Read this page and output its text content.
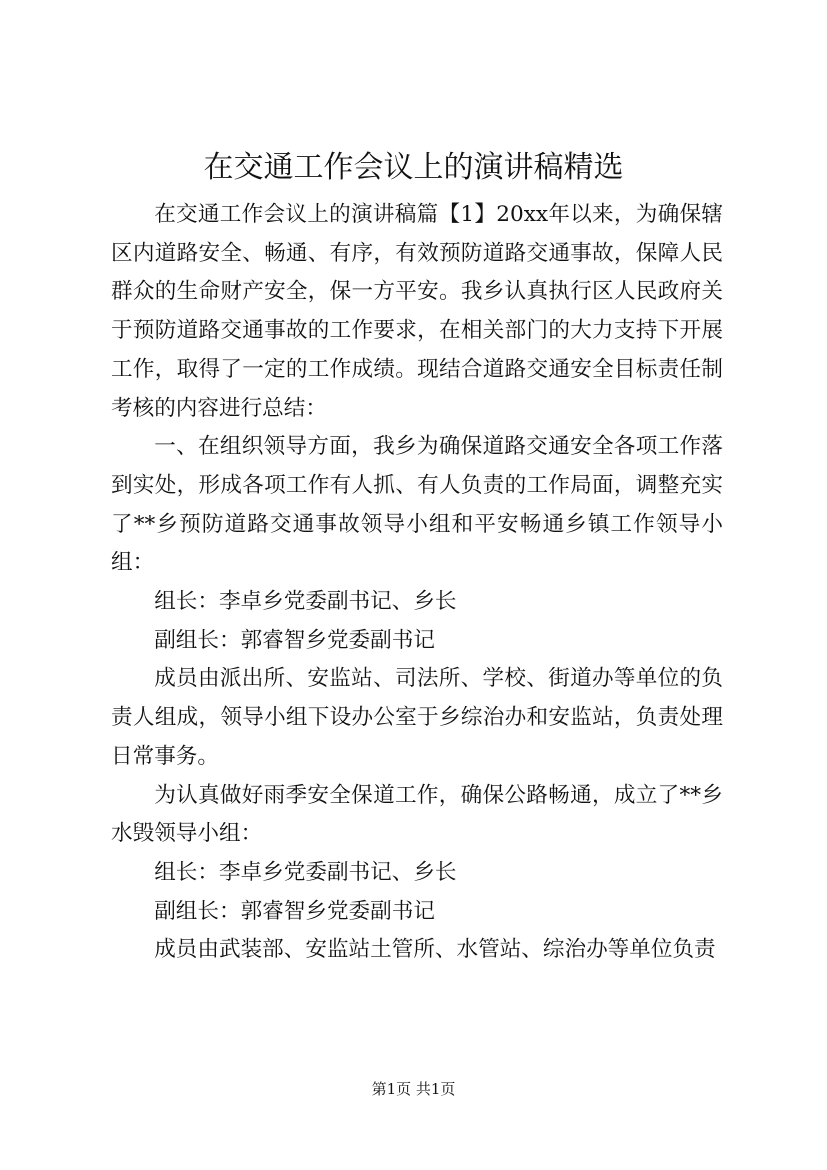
在交通工作会议上的演讲稿精选

在交通工作会议上的演讲稿篇【1】20xx年以来，为确保辖区内道路安全、畅通、有序，有效预防道路交通事故，保障人民群众的生命财产安全，保一方平安。我乡认真执行区人民政府关于预防道路交通事故的工作要求，在相关部门的大力支持下开展工作，取得了一定的工作成绩。现结合道路交通安全目标责任制考核的内容进行总结：

一、在组织领导方面，我乡为确保道路交通安全各项工作落到实处，形成各项工作有人抓、有人负责的工作局面，调整充实了**乡预防道路交通事故领导小组和平安畅通乡镇工作领导小组：

组长：李卓乡党委副书记、乡长

副组长：郭睿智乡党委副书记

成员由派出所、安监站、司法所、学校、街道办等单位的负责人组成，领导小组下设办公室于乡综治办和安监站，负责处理日常事务。

为认真做好雨季安全保道工作，确保公路畅通，成立了**乡水毁领导小组：

组长：李卓乡党委副书记、乡长

副组长：郭睿智乡党委副书记

成员由武装部、安监站土管所、水管站、综治办等单位负责

第1页 共1页
